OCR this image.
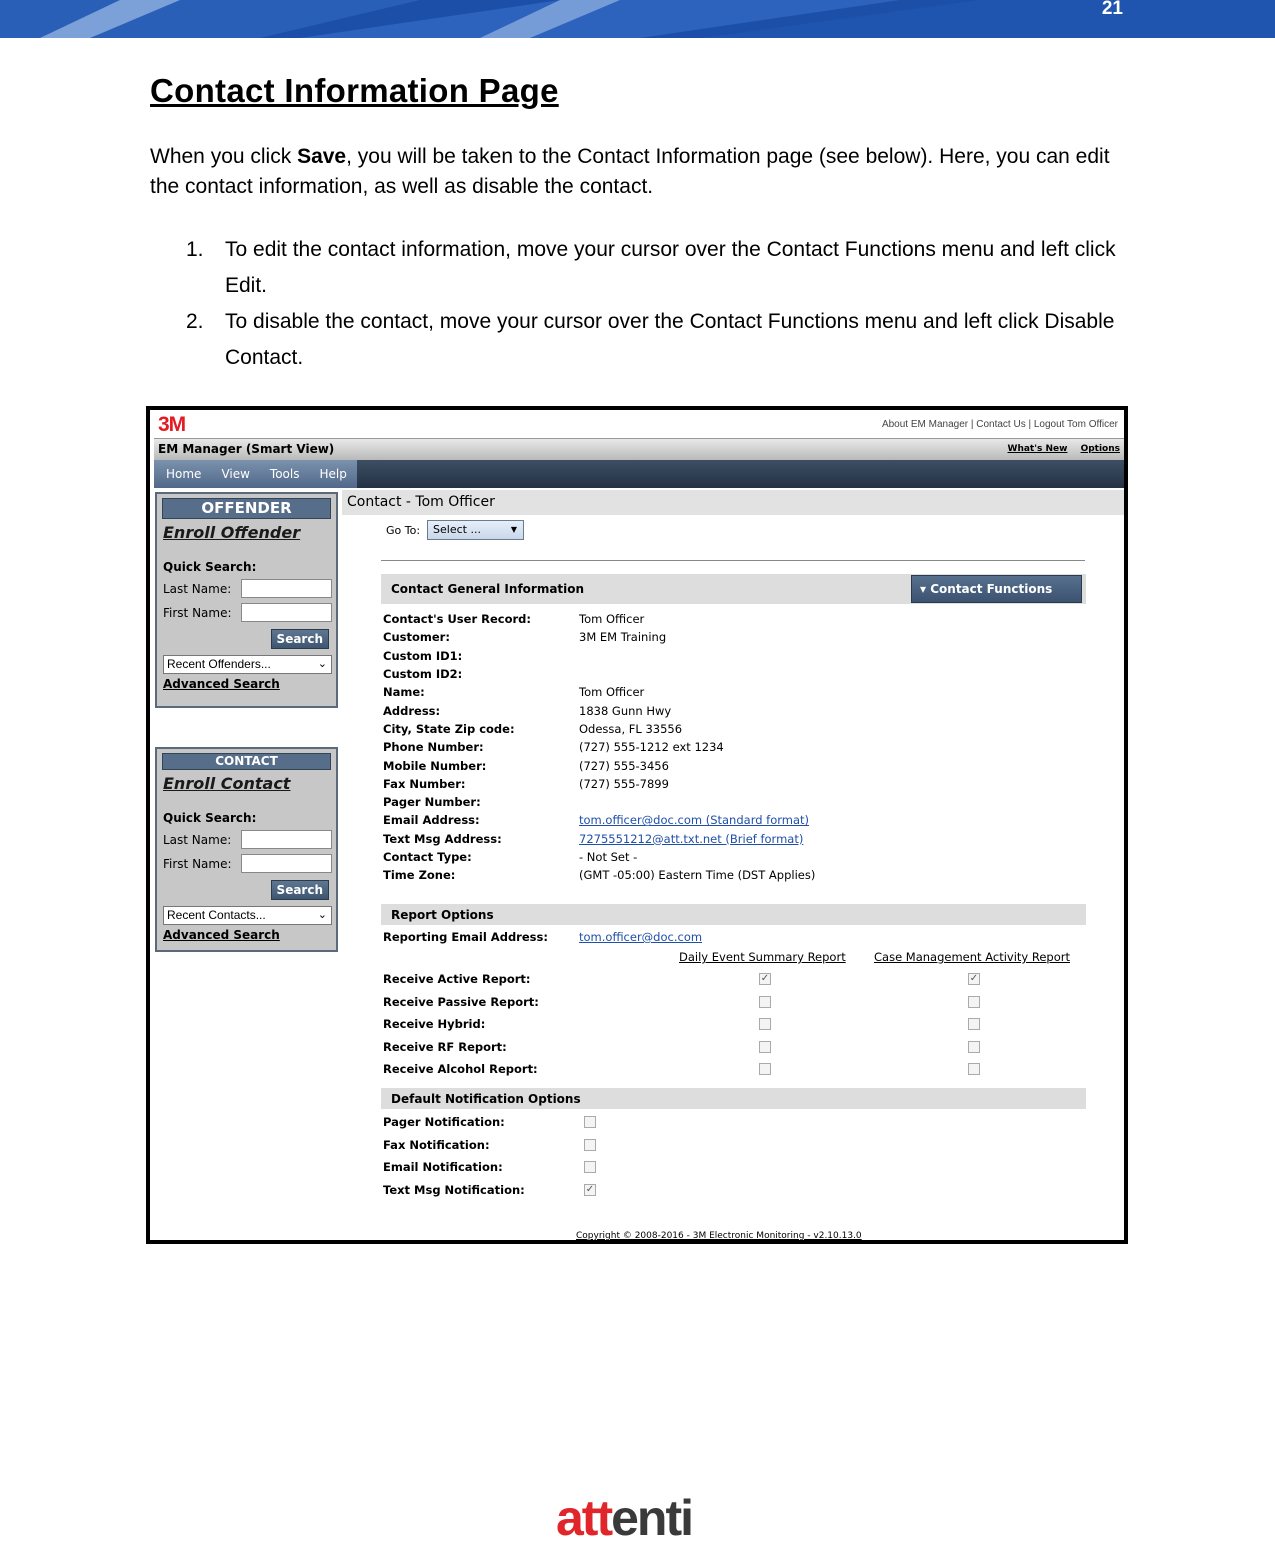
21
Contact Information Page

When you click Save, you will be taken to the Contact Information page (see below). Here, you can edit the contact information, as well as disable the contact.

1.	To edit the contact information, move your cursor over the Contact Functions menu and left click Edit.
2.	To disable the contact, move your cursor over the Contact Functions menu and left click Disable Contact.
3M	About EM Manager | Contact Us | Logout Tom Officer
EM Manager (Smart View)	What's New Options
Home View Tools Help
OFFENDER
Enroll Offender
Quick Search:
Last Name:
First Name:
Search
Recent Offenders...	⌄
Advanced Search
CONTACT
Enroll Contact
Quick Search:
Last Name:
First Name:
Search
Recent Contacts...	⌄
Advanced Search
Contact - Tom Officer
Go To:	Select ...	▼
Contact General Information	▾ Contact Functions
Contact's User Record:	Tom Officer
Customer:	3M EM Training
Custom ID1:
Custom ID2:
Name:	Tom Officer
Address:	1838 Gunn Hwy
City, State Zip code:	Odessa, FL 33556
Phone Number:	(727) 555-1212 ext 1234
Mobile Number:	(727) 555-3456
Fax Number:	(727) 555-7899
Pager Number:
Email Address:	tom.officer@doc.com (Standard format)
Text Msg Address:	7275551212@att.txt.net (Brief format)
Contact Type:	- Not Set -
Time Zone:	(GMT -05:00) Eastern Time (DST Applies)
Report Options
Reporting Email Address:	tom.officer@doc.com
Daily Event Summary Report Case Management Activity Report
Receive Active Report:	✓	✓
Receive Passive Report:
Receive Hybrid:
Receive RF Report:
Receive Alcohol Report:
Default Notification Options
Pager Notification:
Fax Notification:
Email Notification:
Text Msg Notification:	✓
Copyright © 2008-2016 - 3M Electronic Monitoring - v2.10.13.0
attenti
